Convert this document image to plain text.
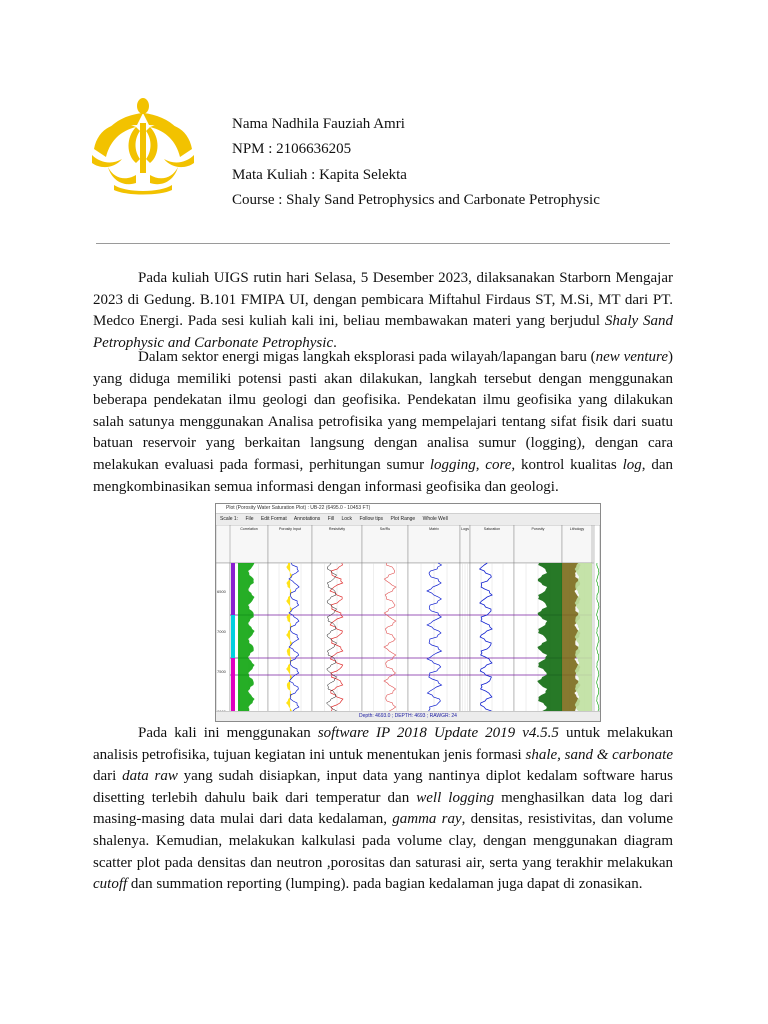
Nama Nadhila Fauziah Amri
NPM : 2106636205
Mata Kuliah : Kapita Selekta
Course : Shaly Sand Petrophysics and Carbonate Petrophysic

Pada kuliah UIGS rutin hari Selasa, 5 Desember 2023, dilaksanakan Starborn Mengajar 2023 di Gedung. B.101 FMIPA UI, dengan pembicara Miftahul Firdaus ST, M.Si, MT dari PT. Medco Energi. Pada sesi kuliah kali ini, beliau membawakan materi yang berjudul Shaly Sand Petrophysic and Carbonate Petrophysic.

Dalam sektor energi migas langkah eksplorasi pada wilayah/lapangan baru (new venture) yang diduga memiliki potensi pasti akan dilakukan, langkah tersebut dengan menggunakan beberapa pendekatan ilmu geologi dan geofisika. Pendekatan ilmu geofisika yang dilakukan salah satunya menggunakan Analisa petrofisika yang mempelajari tentang sifat fisik dari suatu batuan reservoir yang berkaitan langsung dengan analisa sumur (logging), dengan cara melakukan evaluasi pada formasi, perhitungan sumur logging, core, kontrol kualitas log, dan mengkombinasikan semua informasi dengan informasi geofisika dan geologi.

Plot (Porosity Water Saturation Plot) : UB-22 (6495.0 - 10453 FT)
Scale 1: File Edit Format Annotations Fill Lock Follow tips Plot Range Whole Well
Correlation	Porosity Input	Resistivity	Sw/Ru	Matrix	Logs	Saturation	Porosity	Lithology
6500
7000
7500
Depth: 4693.0 ; DEPTH: 4693 ; RAWGR: 24

Pada kali ini menggunakan software IP 2018 Update 2019 v4.5.5 untuk melakukan analisis petrofisika, tujuan kegiatan ini untuk menentukan jenis formasi shale, sand & carbonate dari data raw yang sudah disiapkan, input data yang nantinya diplot kedalam software harus disetting terlebih dahulu baik dari temperatur dan well logging menghasilkan data log dari masing-masing data mulai dari data kedalaman, gamma ray, densitas, resistivitas, dan volume shalenya. Kemudian, melakukan kalkulasi pada volume clay, dengan menggunakan diagram scatter plot pada densitas dan neutron ,porositas dan saturasi air, serta yang terakhir melakukan cutoff dan summation reporting (lumping). pada bagian kedalaman juga dapat di zonasikan.
